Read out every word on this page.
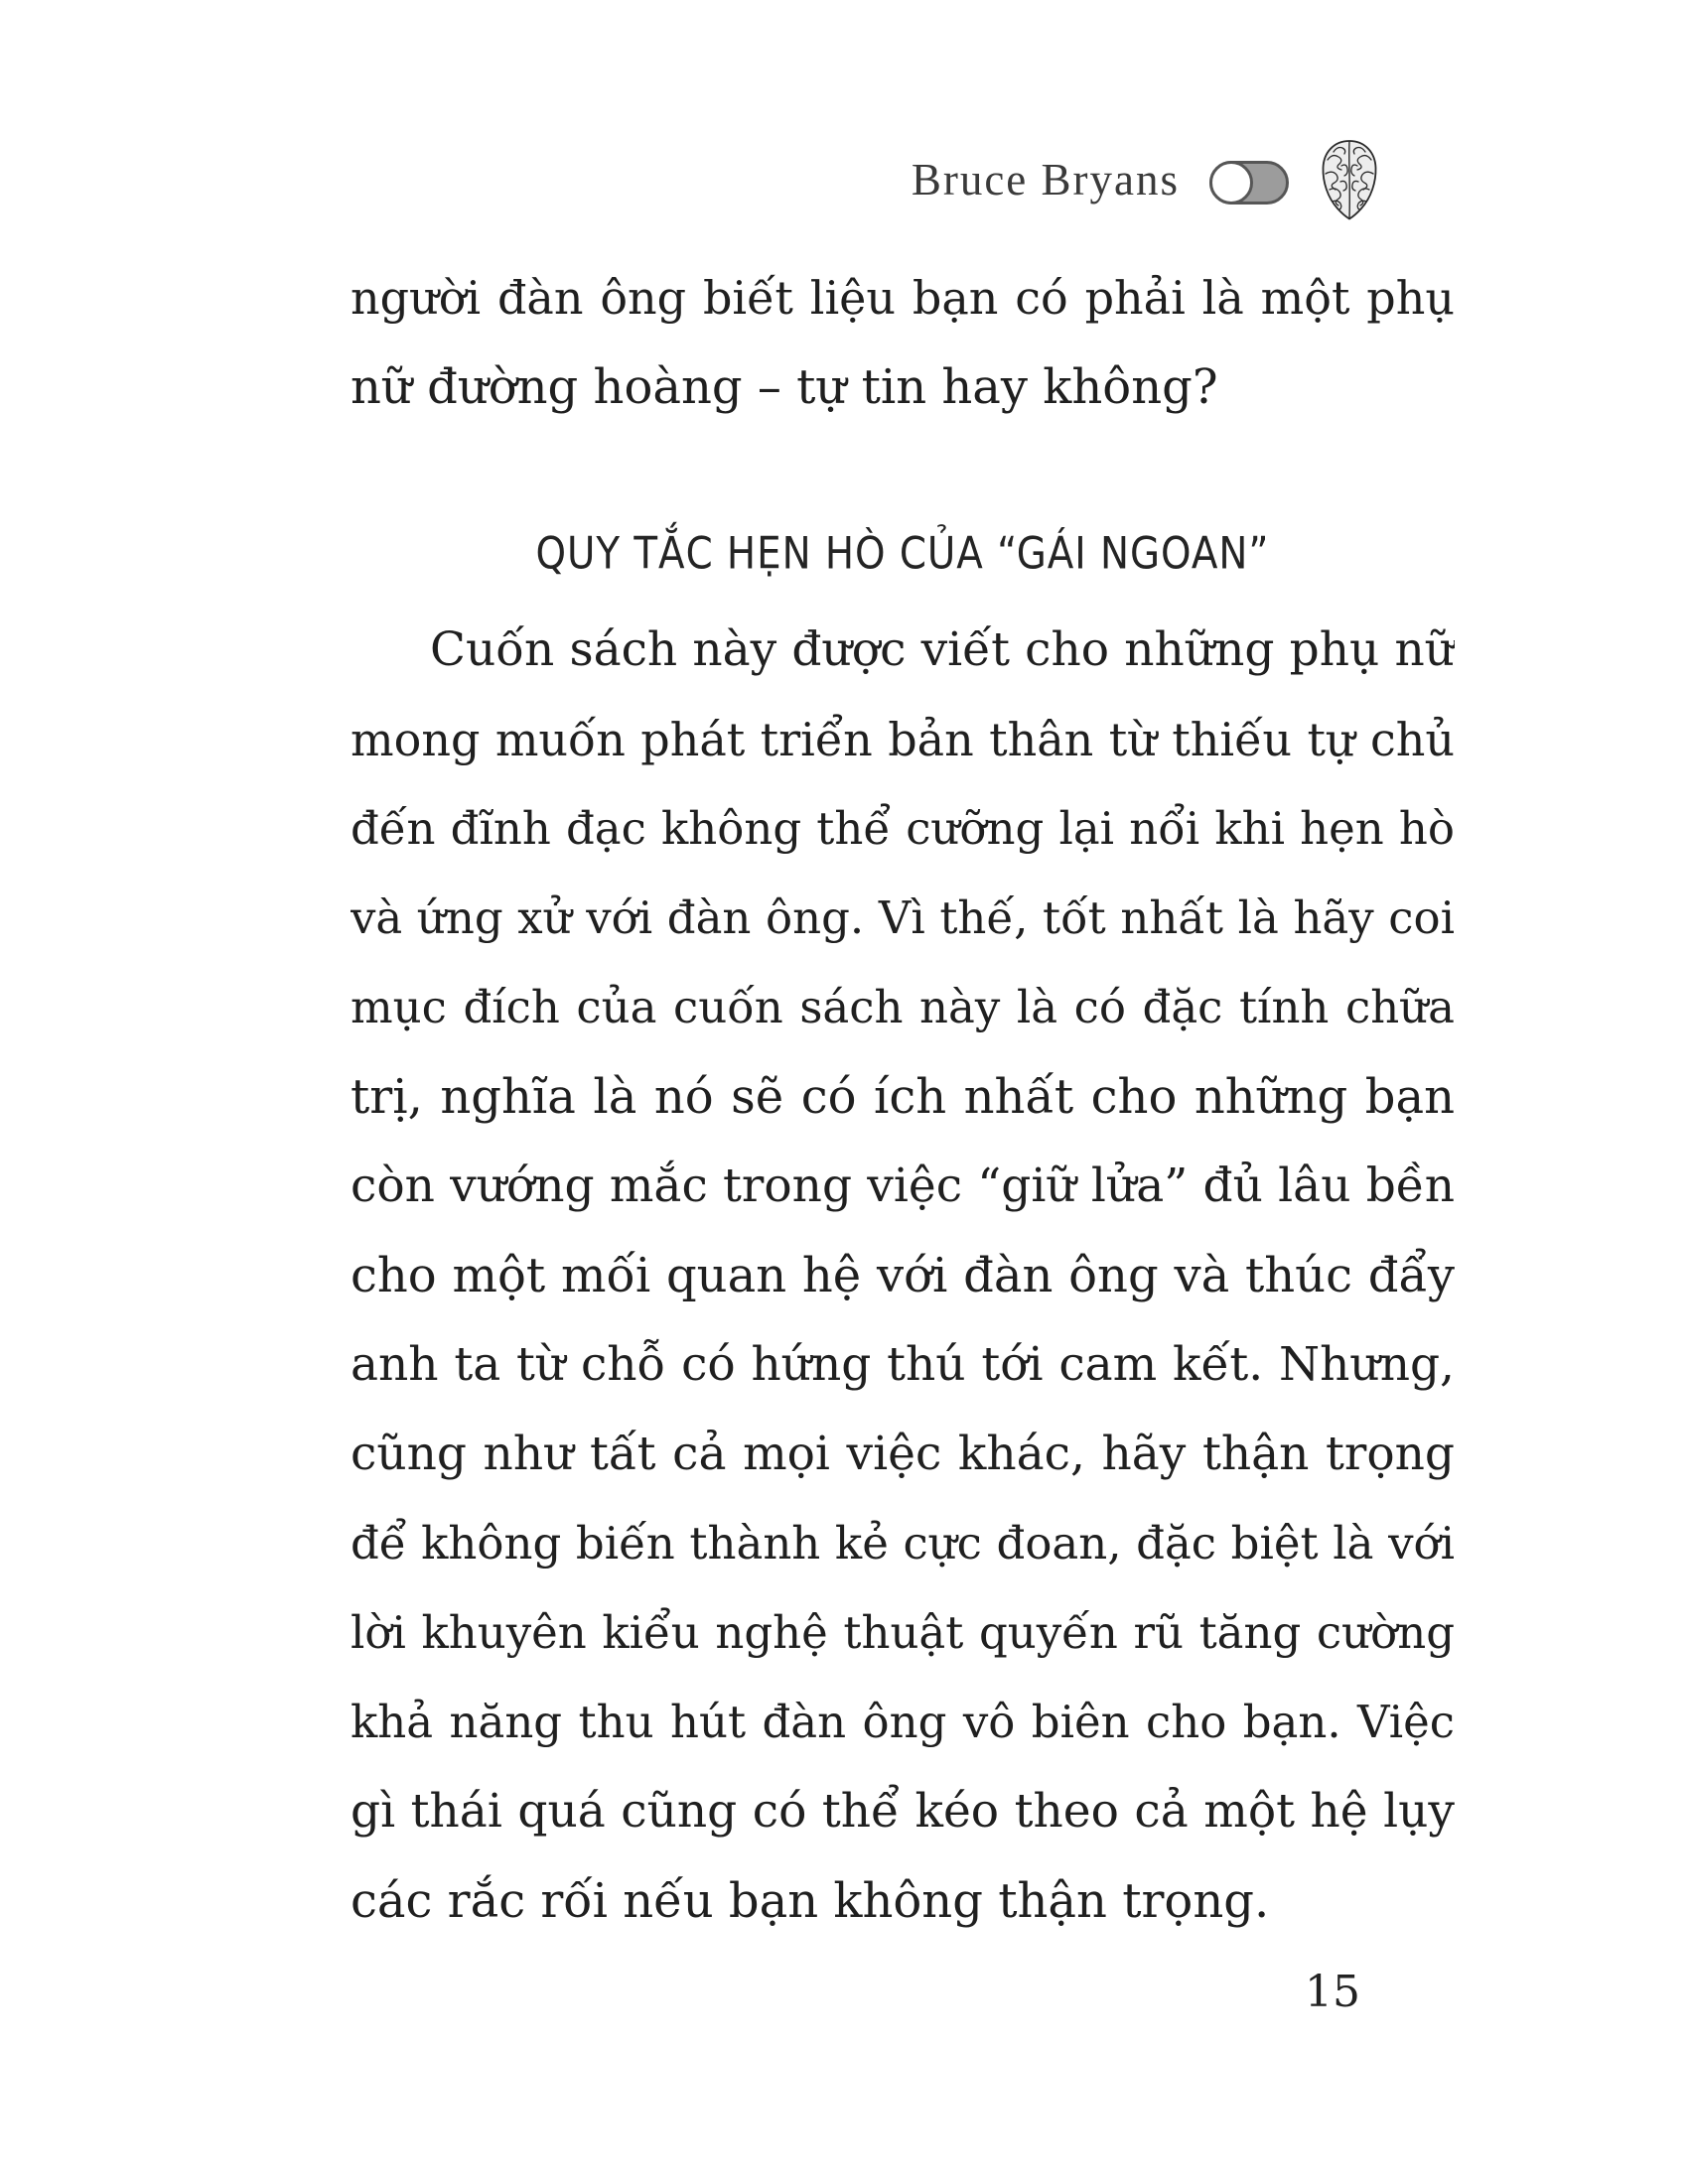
Bruce Bryans
người đàn ông biết liệu bạn có phải là một phụ
nữ đường hoàng – tự tin hay không?
QUY TẮC HẸN HÒ CỦA “GÁI NGOAN”
Cuốn sách này được viết cho những phụ nữ
mong muốn phát triển bản thân từ thiếu tự chủ
đến đĩnh đạc không thể cưỡng lại nổi khi hẹn hò
và ứng xử với đàn ông. Vì thế, tốt nhất là hãy coi
mục đích của cuốn sách này là có đặc tính chữa
trị, nghĩa là nó sẽ có ích nhất cho những bạn
còn vướng mắc trong việc “giữ lửa” đủ lâu bền
cho một mối quan hệ với đàn ông và thúc đẩy
anh ta từ chỗ có hứng thú tới cam kết. Nhưng,
cũng như tất cả mọi việc khác, hãy thận trọng
để không biến thành kẻ cực đoan, đặc biệt là với
lời khuyên kiểu nghệ thuật quyến rũ tăng cường
khả năng thu hút đàn ông vô biên cho bạn. Việc
gì thái quá cũng có thể kéo theo cả một hệ lụy
các rắc rối nếu bạn không thận trọng.
15
